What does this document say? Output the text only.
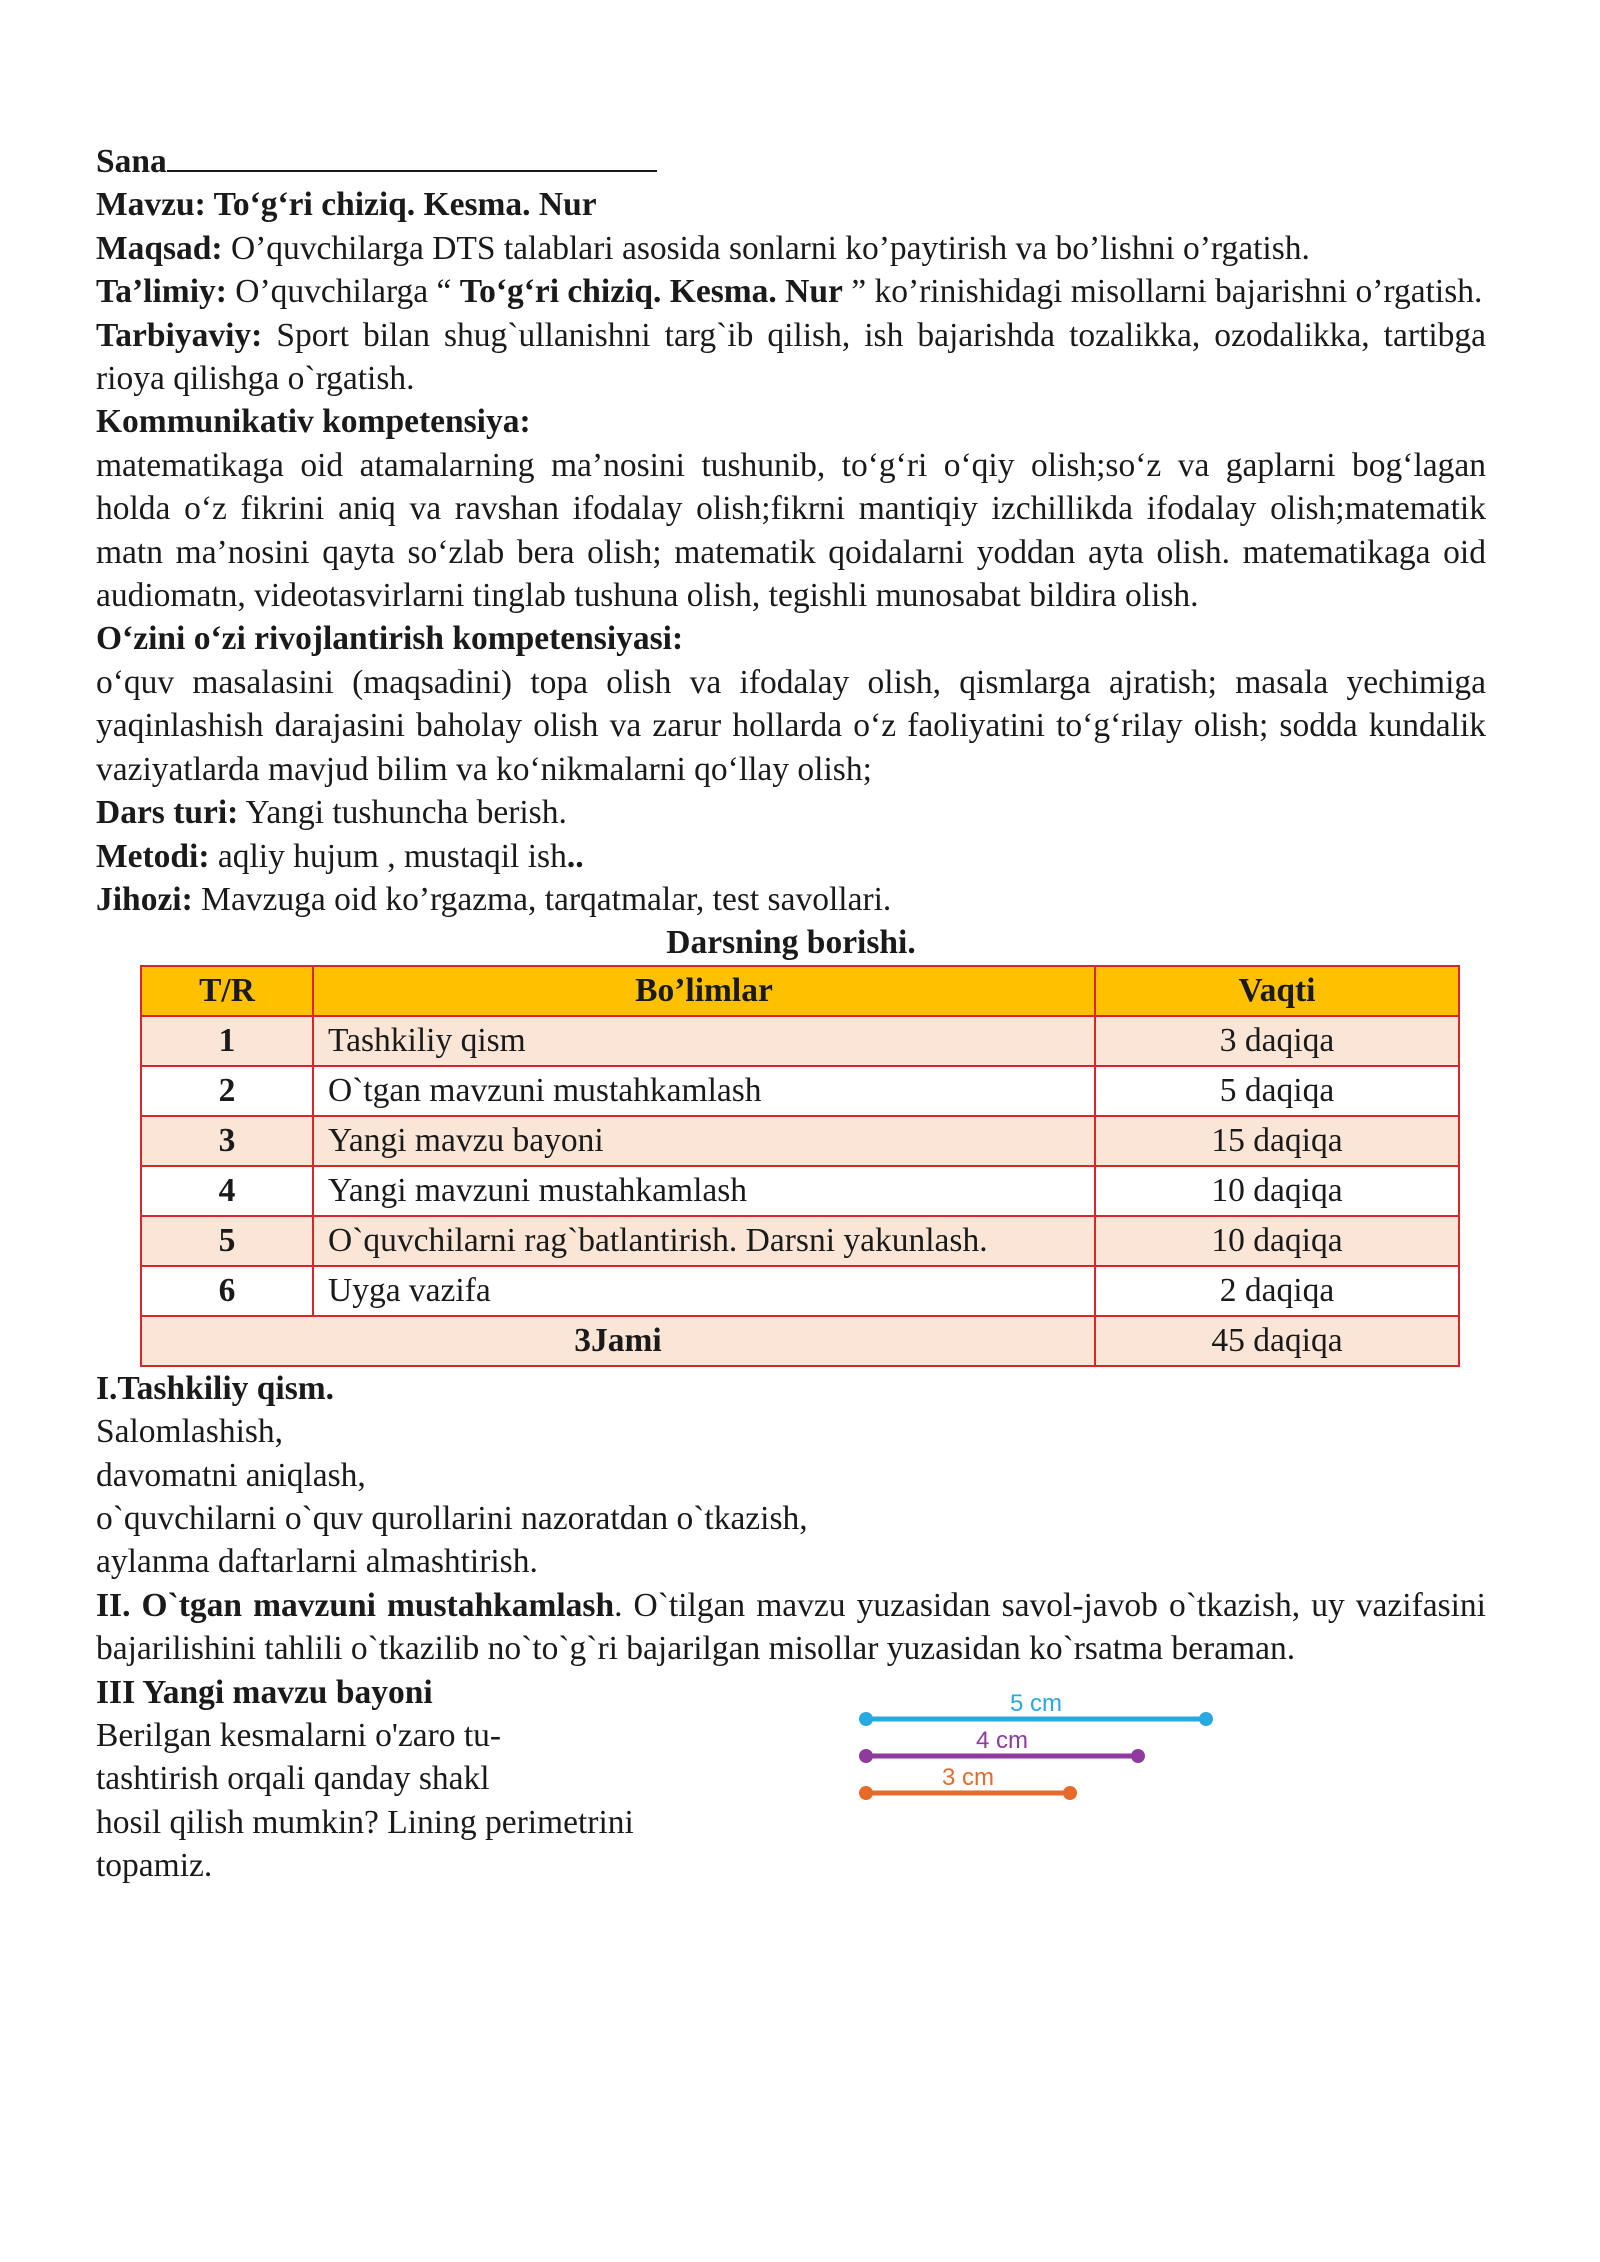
Sana

Mavzu: To‘g‘ri chiziq. Kesma. Nur

Maqsad: O’quvchilarga DTS talablari asosida sonlarni ko’paytirish va bo’lishni o’rgatish.

Ta’limiy: O’quvchilarga “ To‘g‘ri chiziq. Kesma. Nur ” ko’rinishidagi misollarni bajarishni o’rgatish.

Tarbiyaviy: Sport bilan shug`ullanishni targ`ib qilish, ish bajarishda tozalikka, ozodalikka, tartibga rioya qilishga o`rgatish.

Kommunikativ kompetensiya:

matematikaga oid atamalarning ma’nosini tushunib, to‘g‘ri o‘qiy olish;so‘z va gaplarni bog‘lagan holda o‘z fikrini aniq va ravshan ifodalay olish;fikrni mantiqiy izchillikda ifodalay olish;matematik matn ma’nosini qayta so‘zlab bera olish; matematik qoidalarni yoddan ayta olish. matematikaga oid audiomatn, videotasvirlarni tinglab tushuna olish, tegishli munosabat bildira olish.

O‘zini o‘zi rivojlantirish kompetensiyasi:

o‘quv masalasini (maqsadini) topa olish va ifodalay olish, qismlarga ajratish; masala yechimiga yaqinlashish darajasini baholay olish va zarur hollarda o‘z faoliyatini to‘g‘rilay olish; sodda kundalik vaziyatlarda mavjud bilim va ko‘nikmalarni qo‘llay olish;

Dars turi: Yangi tushuncha berish.

Metodi: aqliy hujum , mustaqil ish..

Jihozi: Mavzuga oid ko’rgazma, tarqatmalar, test savollari.

Darsning borishi.

T/R	Bo’limlar	Vaqti
1	Tashkiliy qism	3 daqiqa
2	O`tgan mavzuni mustahkamlash	5 daqiqa
3	Yangi mavzu bayoni	15 daqiqa
4	Yangi mavzuni mustahkamlash	10 daqiqa
5	O`quvchilarni rag`batlantirish. Darsni yakunlash.	10 daqiqa
6	Uyga vazifa	2 daqiqa
3Jami		45 daqiqa

I.Tashkiliy qism.

Salomlashish,

davomatni aniqlash,

o`quvchilarni o`quv qurollarini nazoratdan o`tkazish,

aylanma daftarlarni almashtirish.

II. O`tgan mavzuni mustahkamlash. O`tilgan mavzu yuzasidan savol-javob o`tkazish, uy vazifasini bajarilishini tahlili o`tkazilib no`to`g`ri bajarilgan misollar yuzasidan ko`rsatma beraman.

III Yangi mavzu bayoni

Berilgan kesmalarni o'zaro tu-

tashtirish orqali qanday shakl

hosil qilish mumkin? Lining perimetrini

topamiz.

5 cm
4 cm
3 cm
